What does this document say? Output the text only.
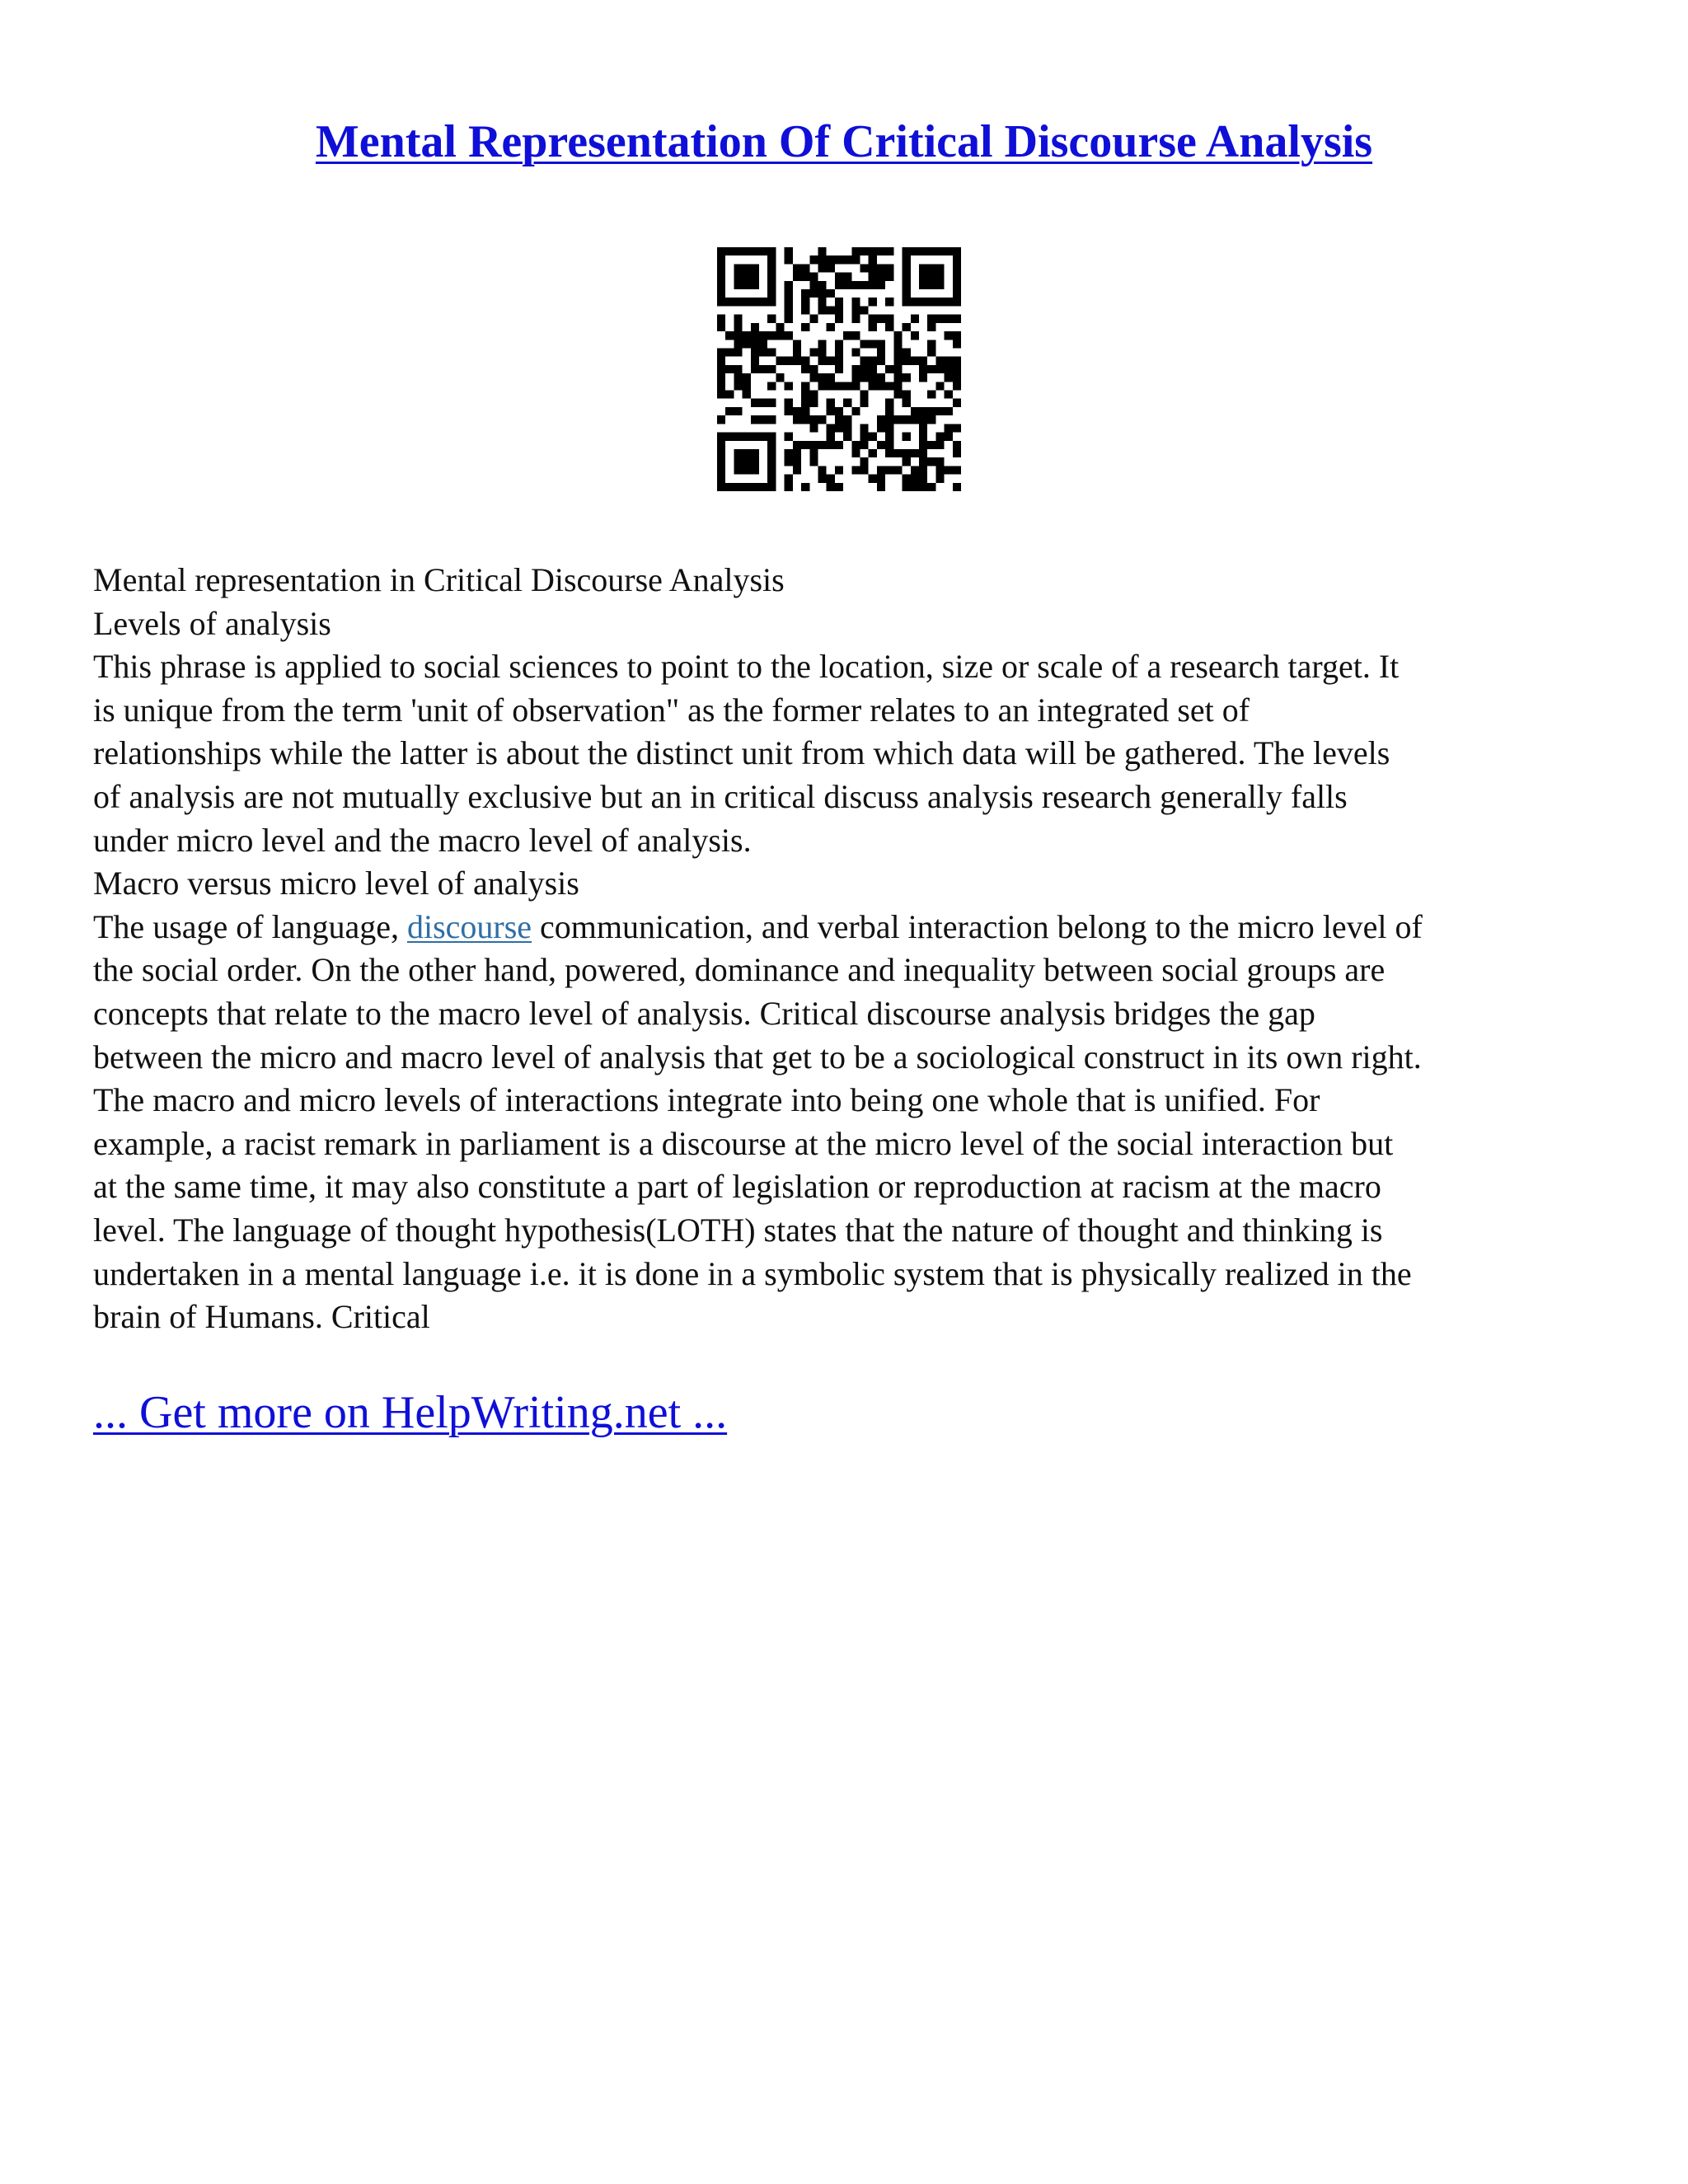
Mental Representation Of Critical Discourse Analysis

Mental representation in Critical Discourse Analysis

Levels of analysis

This phrase is applied to social sciences to point to the location, size or scale of a research target. It

is unique from the term 'unit of observation" as the former relates to an integrated set of

relationships while the latter is about the distinct unit from which data will be gathered. The levels

of analysis are not mutually exclusive but an in critical discuss analysis research generally falls

under micro level and the macro level of analysis.

Macro versus micro level of analysis

The usage of language, discourse communication, and verbal interaction belong to the micro level of

the social order. On the other hand, powered, dominance and inequality between social groups are

concepts that relate to the macro level of analysis. Critical discourse analysis bridges the gap

between the micro and macro level of analysis that get to be a sociological construct in its own right.

The macro and micro levels of interactions integrate into being one whole that is unified. For

example, a racist remark in parliament is a discourse at the micro level of the social interaction but

at the same time, it may also constitute a part of legislation or reproduction at racism at the macro

level. The language of thought hypothesis(LOTH) states that the nature of thought and thinking is

undertaken in a mental language i.e. it is done in a symbolic system that is physically realized in the

brain of Humans. Critical

... Get more on HelpWriting.net ...
